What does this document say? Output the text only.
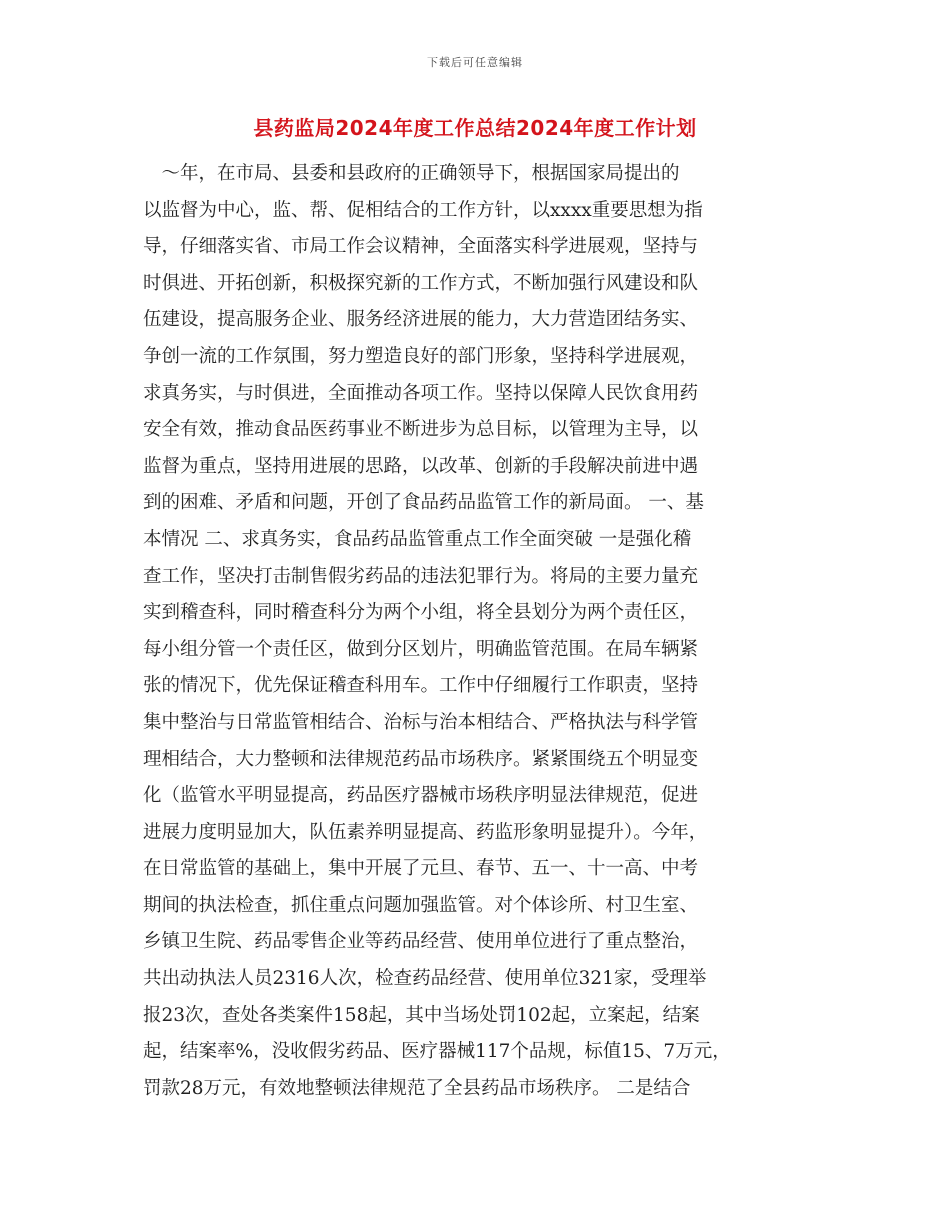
下载后可任意编辑
县药监局2024年度工作总结2024年度工作计划
　～年，在市局、县委和县政府的正确领导下，根据国家局提出的
以监督为中心，监、帮、促相结合的工作方针，以xxxx重要思想为指
导，仔细落实省、市局工作会议精神，全面落实科学进展观，坚持与
时俱进、开拓创新，积极探究新的工作方式，不断加强行风建设和队
伍建设，提高服务企业、服务经济进展的能力，大力营造团结务实、
争创一流的工作氛围，努力塑造良好的部门形象，坚持科学进展观，
求真务实，与时俱进，全面推动各项工作。坚持以保障人民饮食用药
安全有效，推动食品医药事业不断进步为总目标，以管理为主导，以
监督为重点，坚持用进展的思路，以改革、创新的手段解决前进中遇
到的困难、矛盾和问题，开创了食品药品监管工作的新局面。 一、基
本情况 二、求真务实，食品药品监管重点工作全面突破 一是强化稽
查工作，坚决打击制售假劣药品的违法犯罪行为。将局的主要力量充
实到稽查科，同时稽查科分为两个小组，将全县划分为两个责任区，
每小组分管一个责任区，做到分区划片，明确监管范围。在局车辆紧
张的情况下，优先保证稽查科用车。工作中仔细履行工作职责，坚持
集中整治与日常监管相结合、治标与治本相结合、严格执法与科学管
理相结合，大力整顿和法律规范药品市场秩序。紧紧围绕五个明显变
化（监管水平明显提高，药品医疗器械市场秩序明显法律规范，促进
进展力度明显加大，队伍素养明显提高、药监形象明显提升）。今年，
在日常监管的基础上，集中开展了元旦、春节、五一、十一高、中考
期间的执法检查，抓住重点问题加强监管。对个体诊所、村卫生室、
乡镇卫生院、药品零售企业等药品经营、使用单位进行了重点整治，
共出动执法人员2316人次，检查药品经营、使用单位321家，受理举
报23次，查处各类案件158起，其中当场处罚102起，立案起，结案
起，结案率%，没收假劣药品、医疗器械117个品规，标值15、7万元，
罚款28万元，有效地整顿法律规范了全县药品市场秩序。 二是结合
